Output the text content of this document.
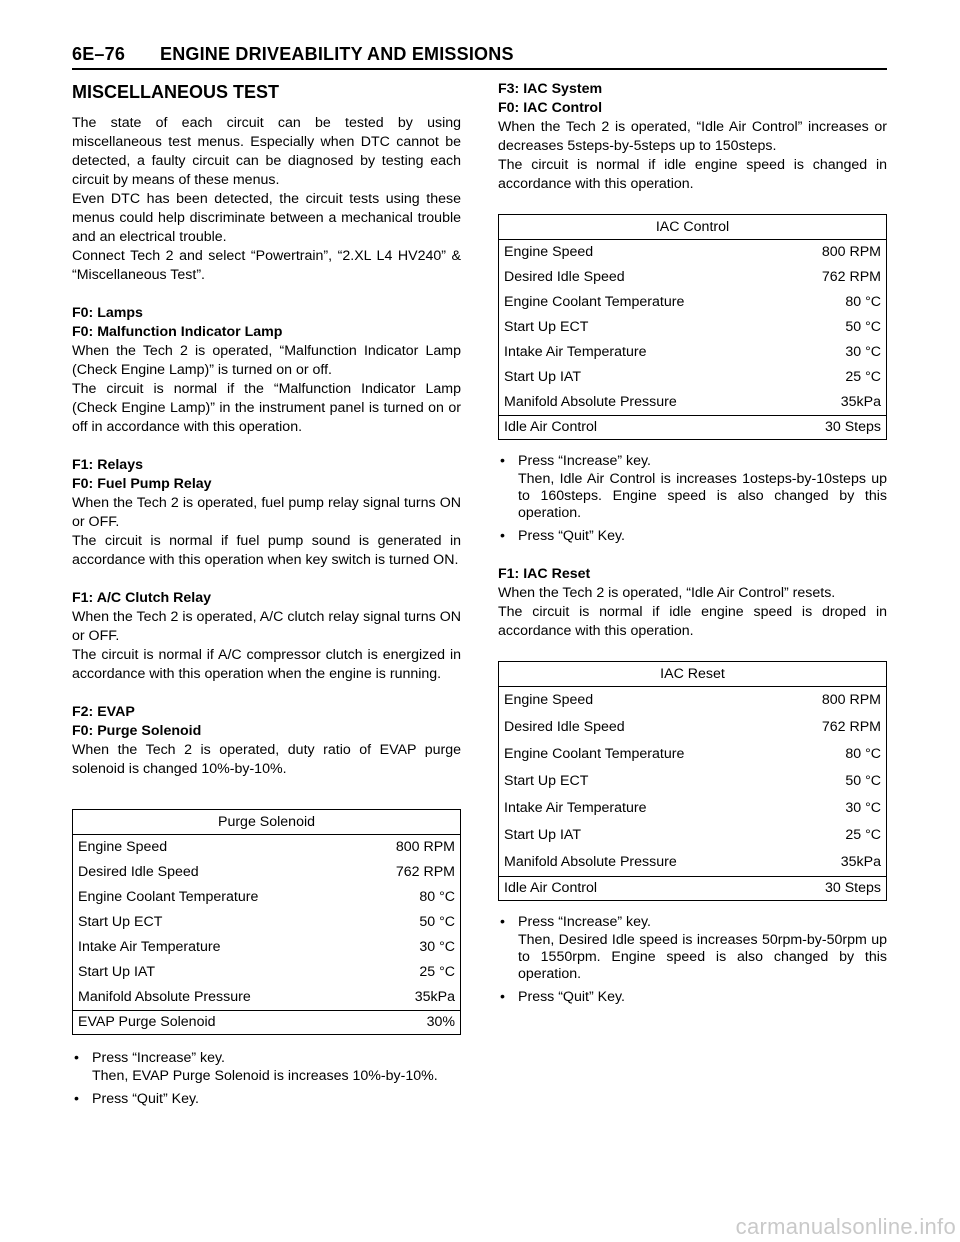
6E–76 ENGINE DRIVEABILITY AND EMISSIONS
MISCELLANEOUS TEST

The state of each circuit can be tested by using miscellaneous test menus. Especially when DTC cannot be detected, a faulty circuit can be diagnosed by testing each circuit by means of these menus.

Even DTC has been detected, the circuit tests using these menus could help discriminate between a mechanical trouble and an electrical trouble.

Connect Tech 2 and select “Powertrain”, “2.XL L4 HV240” & “Miscellaneous Test”.

F0: Lamps

F0: Malfunction Indicator Lamp

When the Tech 2 is operated, “Malfunction Indicator Lamp (Check Engine Lamp)” is turned on or off.

The circuit is normal if the “Malfunction Indicator Lamp (Check Engine Lamp)” in the instrument panel is turned on or off in accordance with this operation.

F1: Relays

F0: Fuel Pump Relay

When the Tech 2 is operated, fuel pump relay signal turns ON or OFF.

The circuit is normal if fuel pump sound is generated in accordance with this operation when key switch is turned ON.

F1: A/C Clutch Relay

When the Tech 2 is operated, A/C clutch relay signal turns ON or OFF.

The circuit is normal if A/C compressor clutch is energized in accordance with this operation when the engine is running.

F2: EVAP

F0: Purge Solenoid

When the Tech 2 is operated, duty ratio of EVAP purge solenoid is changed 10%-by-10%.

Purge Solenoid
Engine Speed	800 RPM
Desired Idle Speed	762 RPM
Engine Coolant Temperature	80 °C
Start Up ECT	50 °C
Intake Air Temperature	30 °C
Start Up IAT	25 °C
Manifold Absolute Pressure	35kPa
EVAP Purge Solenoid	30%
• Press “Increase” key.
Then, EVAP Purge Solenoid is increases 10%-by-10%.
• Press “Quit” Key.

F3: IAC System

F0: IAC Control

When the Tech 2 is operated, “Idle Air Control” increases or decreases 5steps-by-5steps up to 150steps.

The circuit is normal if idle engine speed is changed in accordance with this operation.

IAC Control
Engine Speed	800 RPM
Desired Idle Speed	762 RPM
Engine Coolant Temperature	80 °C
Start Up ECT	50 °C
Intake Air Temperature	30 °C
Start Up IAT	25 °C
Manifold Absolute Pressure	35kPa
Idle Air Control	30 Steps
• Press “Increase” key.
Then, Idle Air Control is increases 1osteps-by-10steps up to 160steps. Engine speed is also changed by this operation.
• Press “Quit” Key.

F1: IAC Reset

When the Tech 2 is operated, “Idle Air Control” resets.

The circuit is normal if idle engine speed is droped in accordance with this operation.

IAC Reset
Engine Speed	800 RPM
Desired Idle Speed	762 RPM
Engine Coolant Temperature	80 °C
Start Up ECT	50 °C
Intake Air Temperature	30 °C
Start Up IAT	25 °C
Manifold Absolute Pressure	35kPa
Idle Air Control	30 Steps
• Press “Increase” key.
Then, Desired Idle speed is increases 50rpm-by-50rpm up to 1550rpm. Engine speed is also changed by this operation.
• Press “Quit” Key.
carmanualsonline.info
